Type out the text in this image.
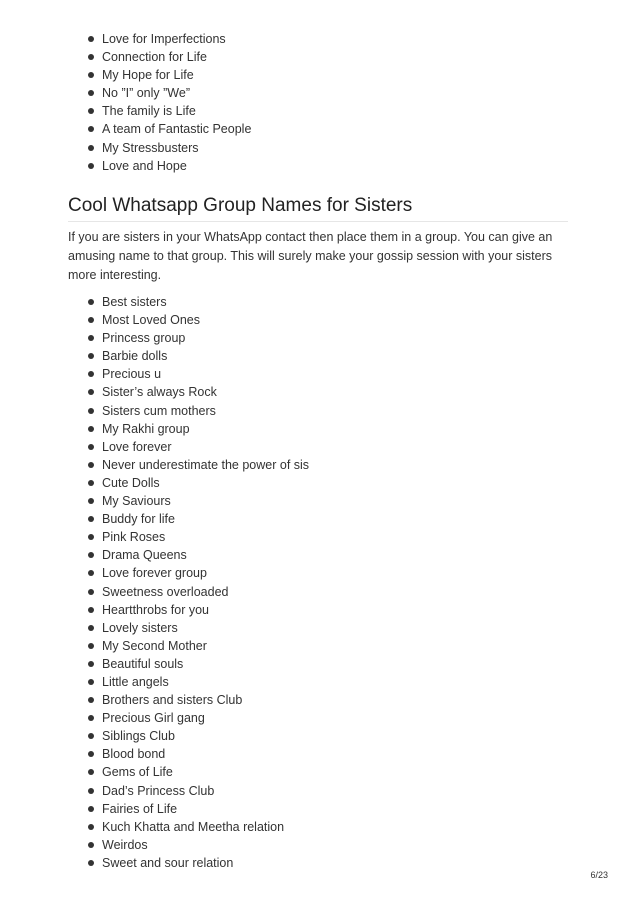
Love for Imperfections
Connection for Life
My Hope for Life
No ”I” only ”We”
The family is Life
A team of Fantastic People
My Stressbusters
Love and Hope
Cool Whatsapp Group Names for Sisters

If you are sisters in your WhatsApp contact then place them in a group. You can give an amusing name to that group. This will surely make your gossip session with your sisters more interesting.

Best sisters
Most Loved Ones
Princess group
Barbie dolls
Precious u
Sister’s always Rock
Sisters cum mothers
My Rakhi group
Love forever
Never underestimate the power of sis
Cute Dolls
My Saviours
Buddy for life
Pink Roses
Drama Queens
Love forever group
Sweetness overloaded
Heartthrobs for you
Lovely sisters
My Second Mother
Beautiful souls
Little angels
Brothers and sisters Club
Precious Girl gang
Siblings Club
Blood bond
Gems of Life
Dad’s Princess Club
Fairies of Life
Kuch Khatta and Meetha relation
Weirdos
Sweet and sour relation
6/23
